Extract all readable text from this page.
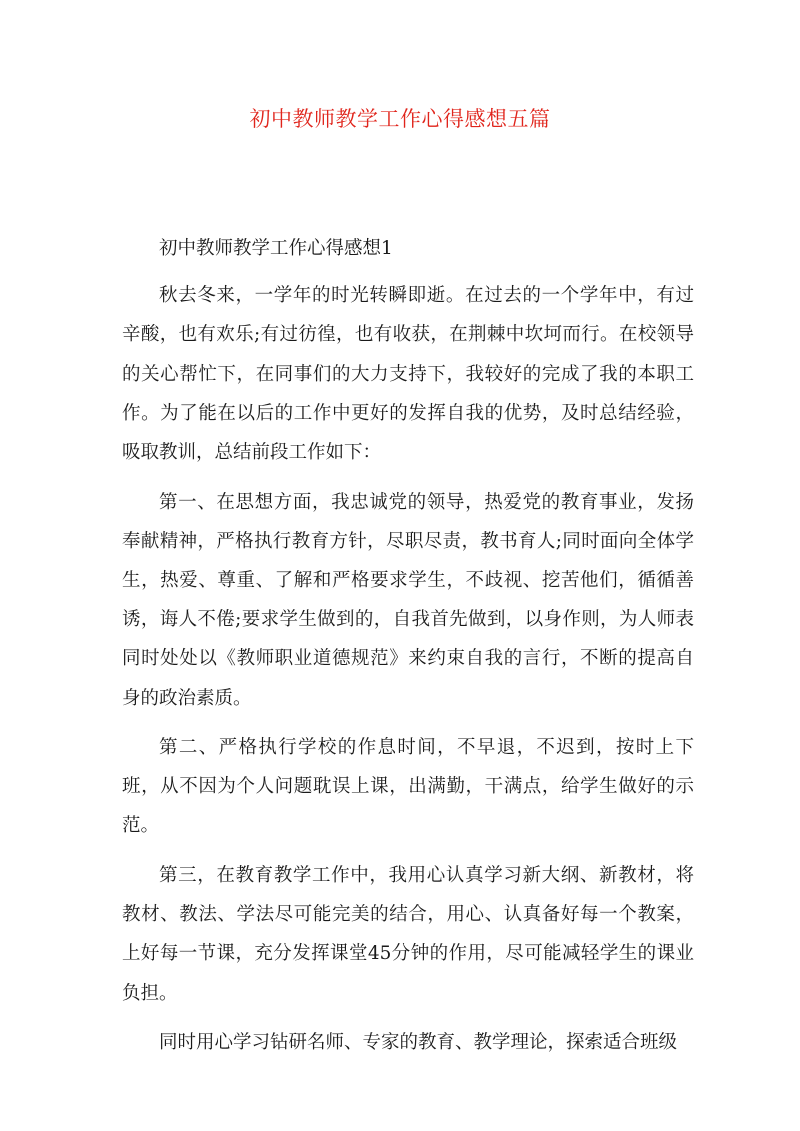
初中教师教学工作心得感想五篇

初中教师教学工作心得感想1

秋去冬来，一学年的时光转瞬即逝。在过去的一个学年中，有过辛酸，也有欢乐;有过彷徨，也有收获，在荆棘中坎坷而行。在校领导的关心帮忙下，在同事们的大力支持下，我较好的完成了我的本职工作。为了能在以后的工作中更好的发挥自我的优势，及时总结经验，吸取教训，总结前段工作如下：

第一、在思想方面，我忠诚党的领导，热爱党的教育事业，发扬奉献精神，严格执行教育方针，尽职尽责，教书育人;同时面向全体学生，热爱、尊重、了解和严格要求学生，不歧视、挖苦他们，循循善诱，诲人不倦;要求学生做到的，自我首先做到，以身作则，为人师表同时处处以《教师职业道德规范》来约束自我的言行，不断的提高自身的政治素质。

第二、严格执行学校的作息时间，不早退，不迟到，按时上下班，从不因为个人问题耽误上课，出满勤，干满点，给学生做好的示范。

第三，在教育教学工作中，我用心认真学习新大纲、新教材，将教材、教法、学法尽可能完美的结合，用心、认真备好每一个教案，上好每一节课，充分发挥课堂45分钟的作用，尽可能减轻学生的课业负担。

同时用心学习钻研名师、专家的教育、教学理论，探索适合班级
